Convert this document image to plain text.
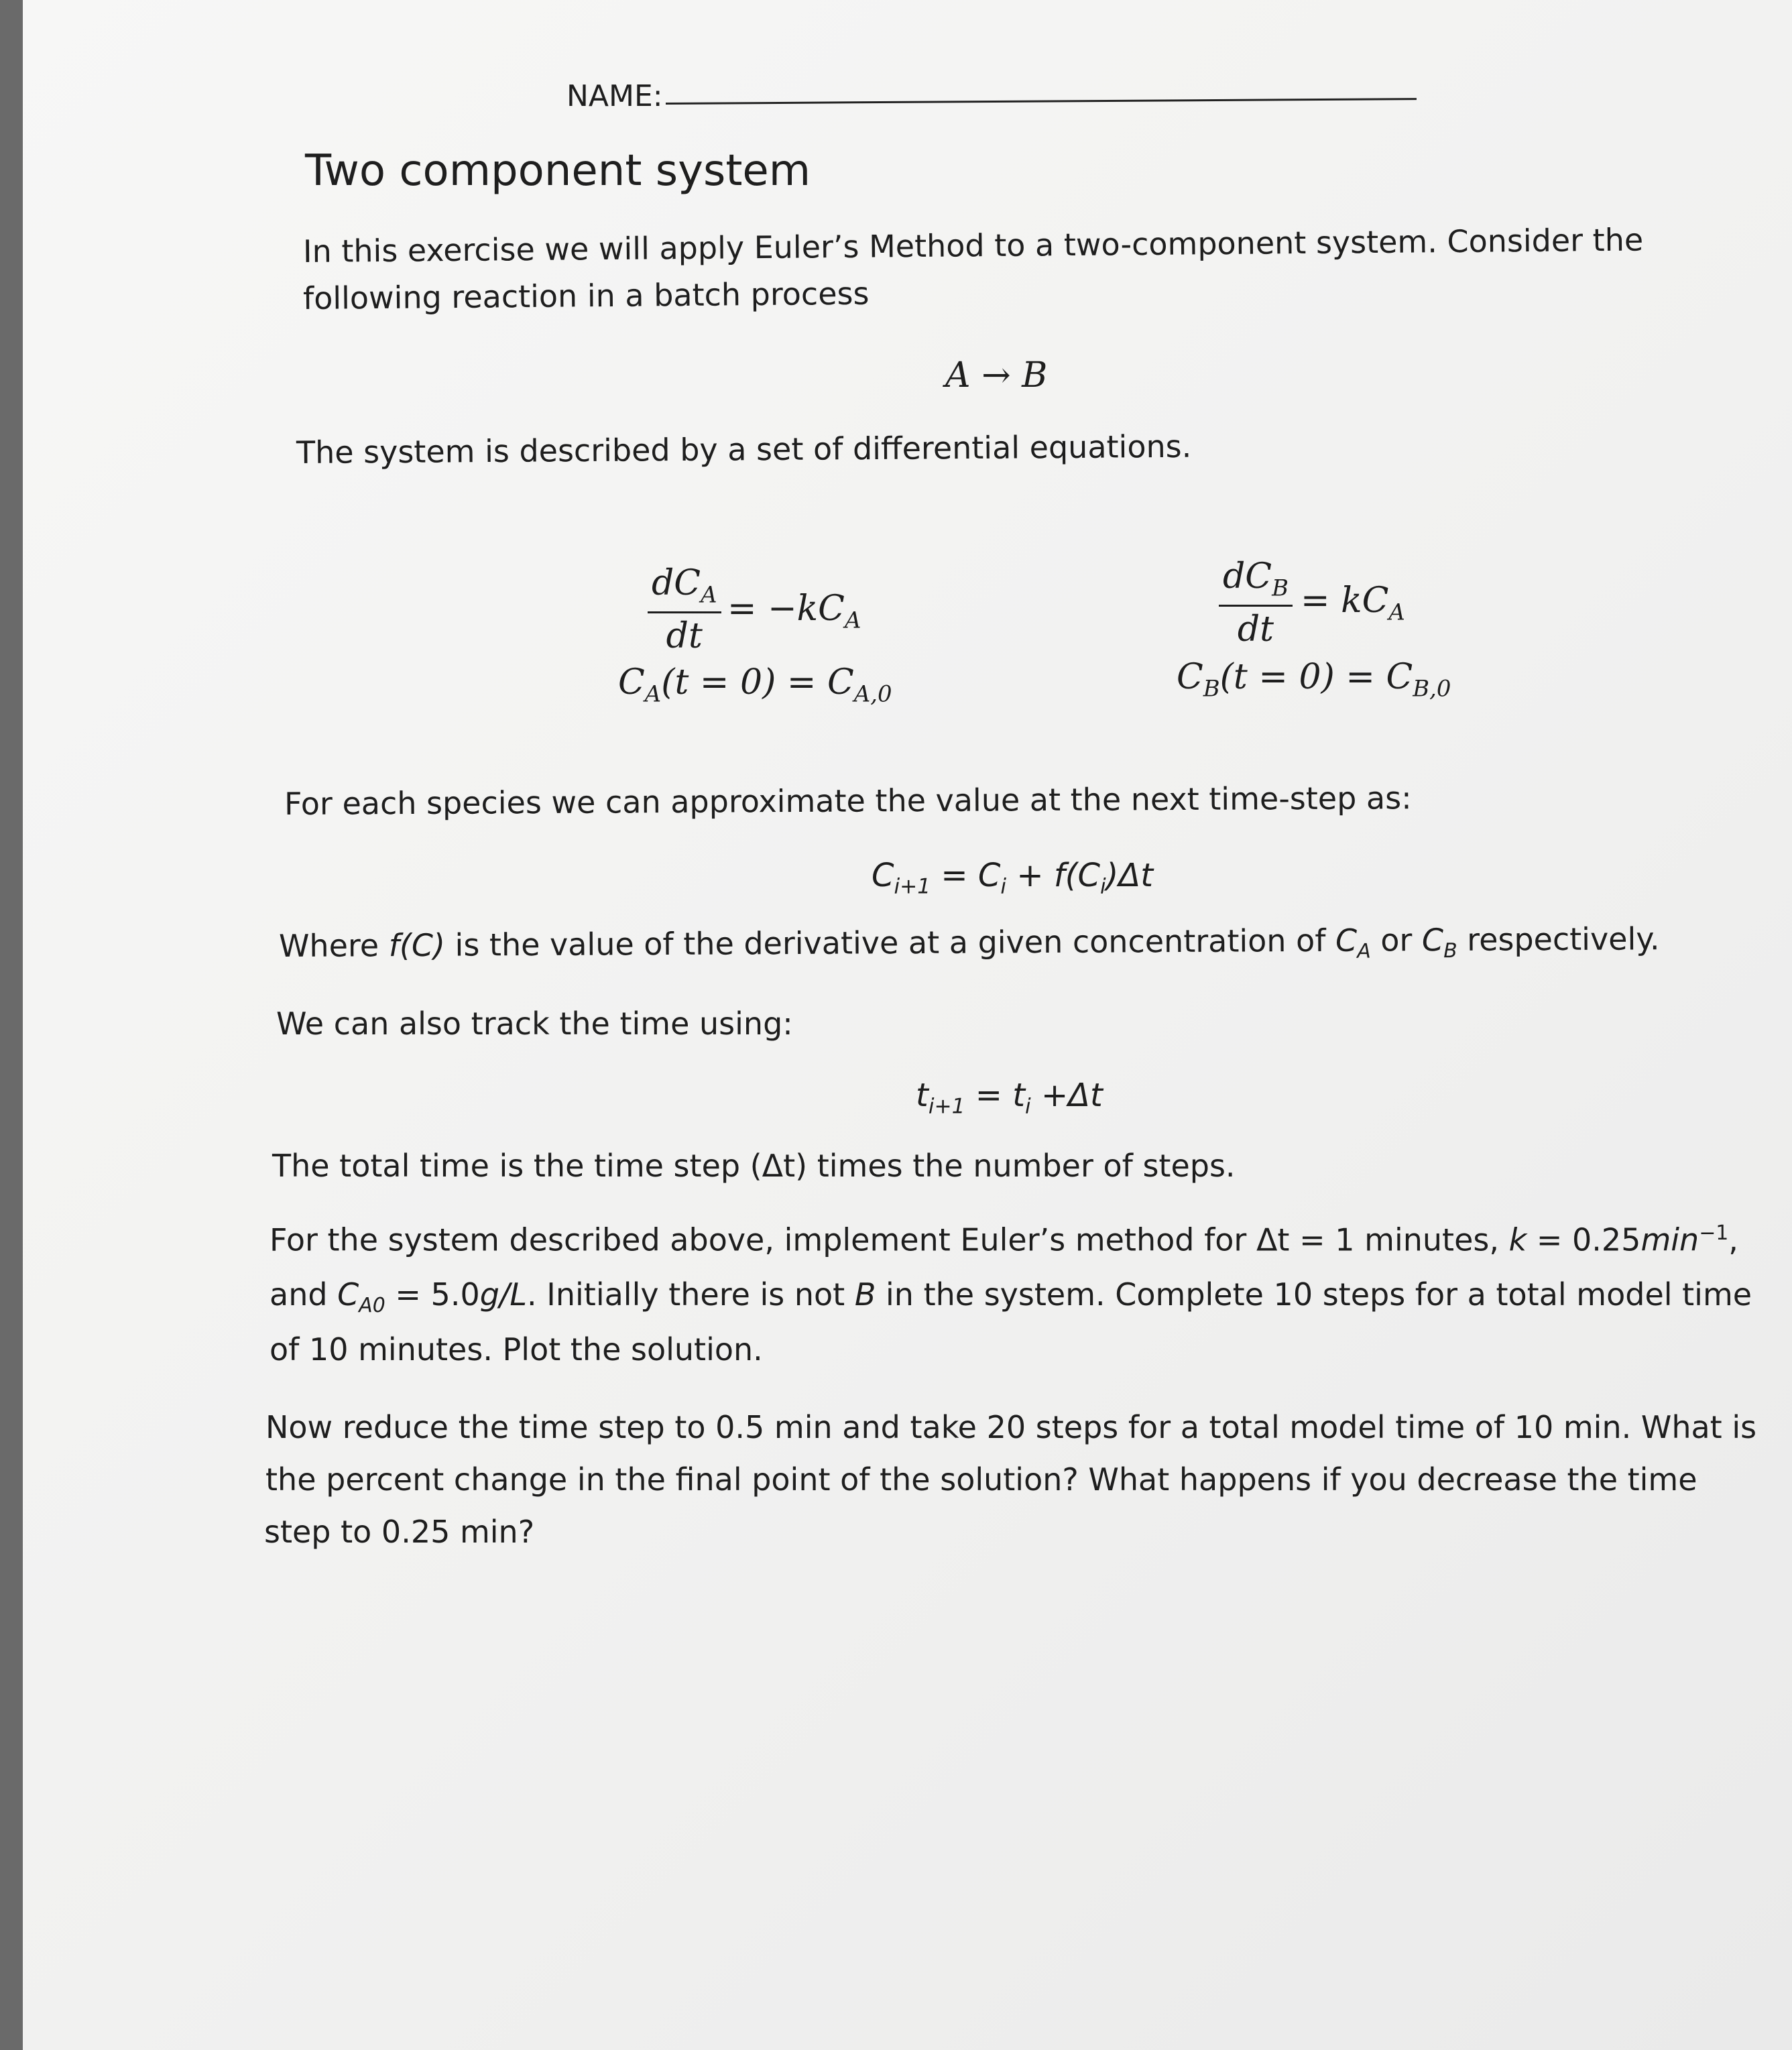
NAME:
Two component system
In this exercise we will apply Euler’s Method to a two-component system. Consider the
following reaction in a batch process
A → B
The system is described by a set of differential equations.
$dC_A$
dt
= $-kC_A$
$C_A(t = 0) = C_{A,0}$
$dC_B$
dt
= $kC_A$
$C_B(t = 0) = C_{B,0}$
For each species we can approximate the value at the next time-step as:
$C_{i+1} = C_i + f(C_i)\Delta t$
Where f(C) is the value of the derivative at a given concentration of $C_A$ or $C_B$ respectively.
We can also track the time using:
$t_{i+1} = t_i +\Delta t$
The total time is the time step (Δt) times the number of steps.
For the system described above, implement Euler’s method for Δt = 1 minutes, $k = 0.25\min^{-1}$,
and $C_{A0} = 5.0g/L$. Initially there is not B in the system. Complete 10 steps for a total model time
of 10 minutes. Plot the solution.
Now reduce the time step to 0.5 min and take 20 steps for a total model time of 10 min. What is
the percent change in the final point of the solution? What happens if you decrease the time
step to 0.25 min?
